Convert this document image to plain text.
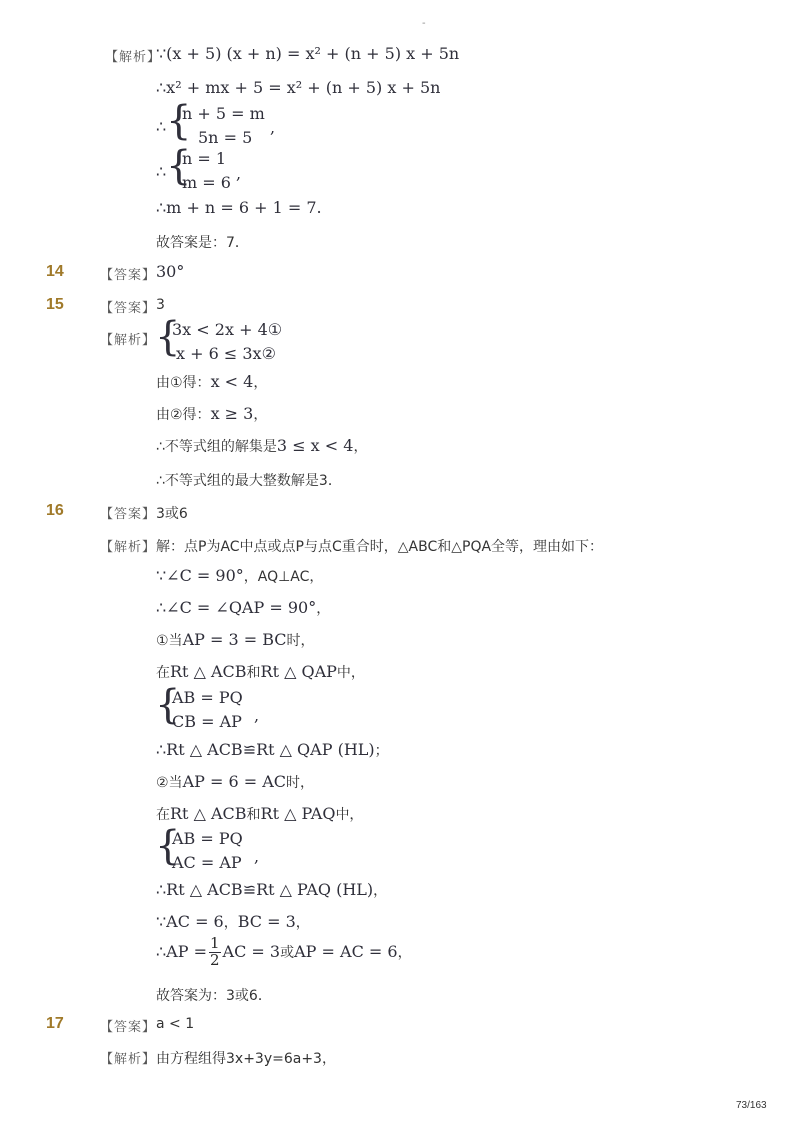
-
【解析】
∵(x + 5) (x + n) = x² + (n + 5) x + 5n
∴x² + mx + 5 = x² + (n + 5) x + 5n
∴ {
n + 5 = m
5n = 5
,
∴ {
n = 1
m = 6 ,
∴m + n = 6 + 1 = 7.
故答案是：7．
14	【答案】 30°
15	【答案】 3
【解析】
{
3x < 2x + 4①
x + 6 ≤ 3x②
由①得：x < 4，
由②得：x ≥ 3，
∴不等式组的解集是3 ≤ x < 4，
∴不等式组的最大整数解是3．
16	【答案】 3或6
【解析】 解：点P为AC中点或点P与点C重合时，△ABC和△PQA全等，理由如下：
∵∠C = 90°，AQ⊥AC，
∴∠C = ∠QAP = 90°，
①当AP = 3 = BC时，
在Rt △ ACB和Rt △ QAP中，
{
AB = PQ
CB = AP ,
∴Rt △ ACB≌Rt △ QAP (HL)；
②当AP = 6 = AC时，
在Rt △ ACB和Rt △ PAQ中，
{
AB = PQ
AC = AP ,
∴Rt △ ACB≌Rt △ PAQ (HL)，
∵AC = 6，BC = 3，
∴AP = $\frac{1}{2}$ AC = 3或AP = AC = 6，
故答案为：3或6．
17	【答案】 a < 1
【解析】 由方程组得3x+3y=6a+3，
73/163
